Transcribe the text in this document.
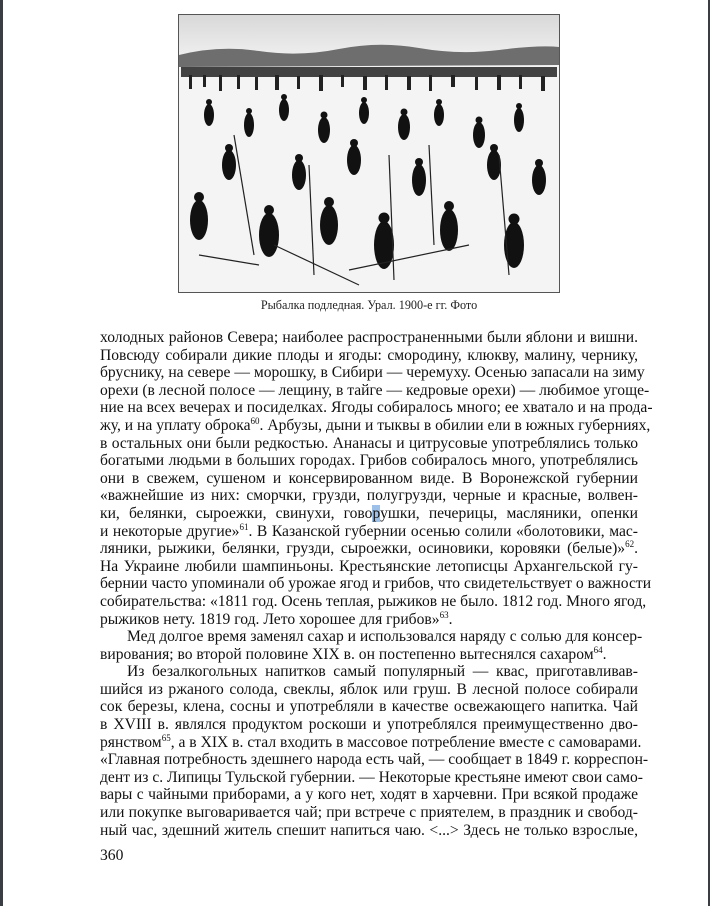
Рыбалка подледная. Урал. 1900-е гг. Фото
холодных районов Севера; наиболее распространенными были яблони и вишни.
Повсюду собирали дикие плоды и ягоды: смородину, клюкву, малину, чернику,
бруснику, на севере — морошку, в Сибири — черемуху. Осенью запасали на зиму
орехи (в лесной полосе — лещину, в тайге — кедровые орехи) — любимое угоще-
ние на всех вечерах и посиделках. Ягоды собиралось много; ее хватало и на прода-
жу, и на уплату оброка$^{60}$. Арбузы, дыни и тыквы в обилии ели в южных губерниях,
в остальных они были редкостью. Ананасы и цитрусовые употреблялись только
богатыми людьми в больших городах. Грибов собиралось много, употреблялись
они в свежем, сушеном и консервированном виде. В Воронежской губернии
«важнейшие из них: сморчки, грузди, полугрузди, черные и красные, волвен-
ки, белянки, сыроежки, свинухи, говорушки, печерицы, масляники, опенки
и некоторые другие»$^{61}$. В Казанской губернии осенью солили «болотовики, мас-
ляники, рыжики, белянки, грузди, сыроежки, осиновики, коровяки (белые)»$^{62}$.
На Украине любили шампиньоны. Крестьянские летописцы Архангельской гу-
бернии часто упоминали об урожае ягод и грибов, что свидетельствует о важности
собирательства: «1811 год. Осень теплая, рыжиков не было. 1812 год. Много ягод,
рыжиков нету. 1819 год. Лето хорошее для грибов»$^{63}$.
Мед долгое время заменял сахар и использовался наряду с солью для консер-
вирования; во второй половине XIX в. он постепенно вытеснялся сахаром$^{64}$.
Из безалкогольных напитков самый популярный — квас, приготавливав-
шийся из ржаного солода, свеклы, яблок или груш. В лесной полосе собирали
сок березы, клена, сосны и употребляли в качестве освежающего напитка. Чай
в XVIII в. являлся продуктом роскоши и употреблялся преимущественно дво-
рянством$^{65}$, а в XIX в. стал входить в массовое потребление вместе с самоварами.
«Главная потребность здешнего народа есть чай, — сообщает в 1849 г. корреспон-
дент из с. Липицы Тульской губернии. — Некоторые крестьяне имеют свои само-
вары с чайными приборами, а у кого нет, ходят в харчевни. При всякой продаже
или покупке выговаривается чай; при встрече с приятелем, в праздник и свобод-
ный час, здешний житель спешит напиться чаю. <...> Здесь не только взрослые,
360
